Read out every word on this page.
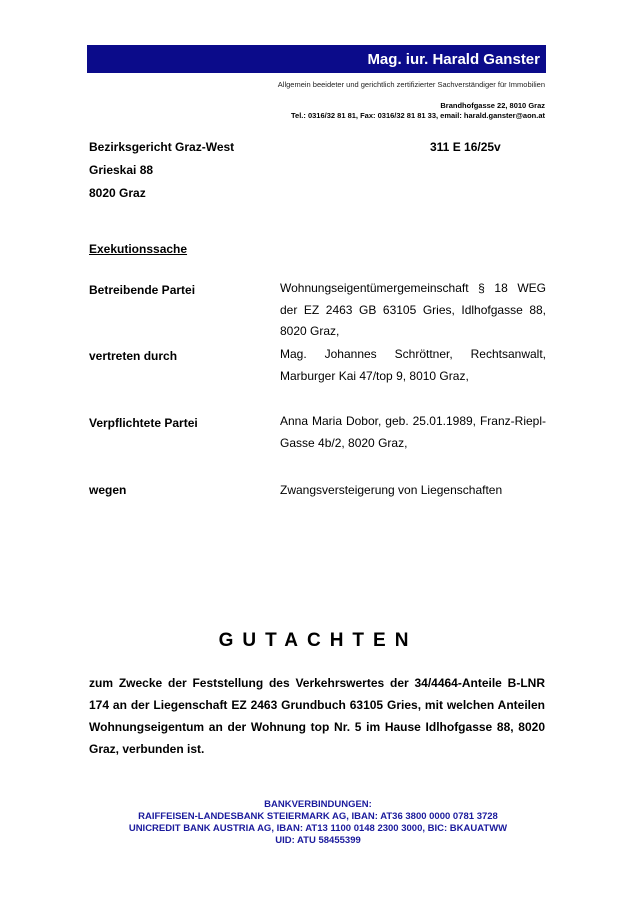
Mag. iur. Harald Ganster
Allgemein beeideter und gerichtlich zertifizierter Sachverständiger für Immobilien
Brandhofgasse 22, 8010 Graz
Tel.: 0316/32 81 81, Fax: 0316/32 81 81 33, email: harald.ganster@aon.at
Bezirksgericht Graz-West	311 E 16/25v
Grieskai 88
8020 Graz
Exekutionssache
Betreibende Partei	Wohnungseigentümergemeinschaft § 18 WEG der EZ 2463 GB 63105 Gries, Idlhofgasse 88, 8020 Graz,
vertreten durch	Mag. Johannes Schröttner, Rechtsanwalt, Marburger Kai 47/top 9, 8010 Graz,
Verpflichtete Partei	Anna Maria Dobor, geb. 25.01.1989, Franz-Riepl-Gasse 4b/2, 8020 Graz,
wegen	Zwangsversteigerung von Liegenschaften
GUTACHTEN
zum Zwecke der Feststellung des Verkehrswertes der 34/4464-Anteile B-LNR 174 an der Liegenschaft EZ 2463 Grundbuch 63105 Gries, mit welchen Anteilen Wohnungseigentum an der Wohnung top Nr. 5 im Hause Idlhofgasse 88, 8020 Graz, verbunden ist.
BANKVERBINDUNGEN:
RAIFFEISEN-LANDESBANK STEIERMARK AG, IBAN: AT36 3800 0000 0781 3728
UNICREDIT BANK AUSTRIA AG, IBAN: AT13 1100 0148 2300 3000, BIC: BKAUATWW
UID: ATU 58455399
